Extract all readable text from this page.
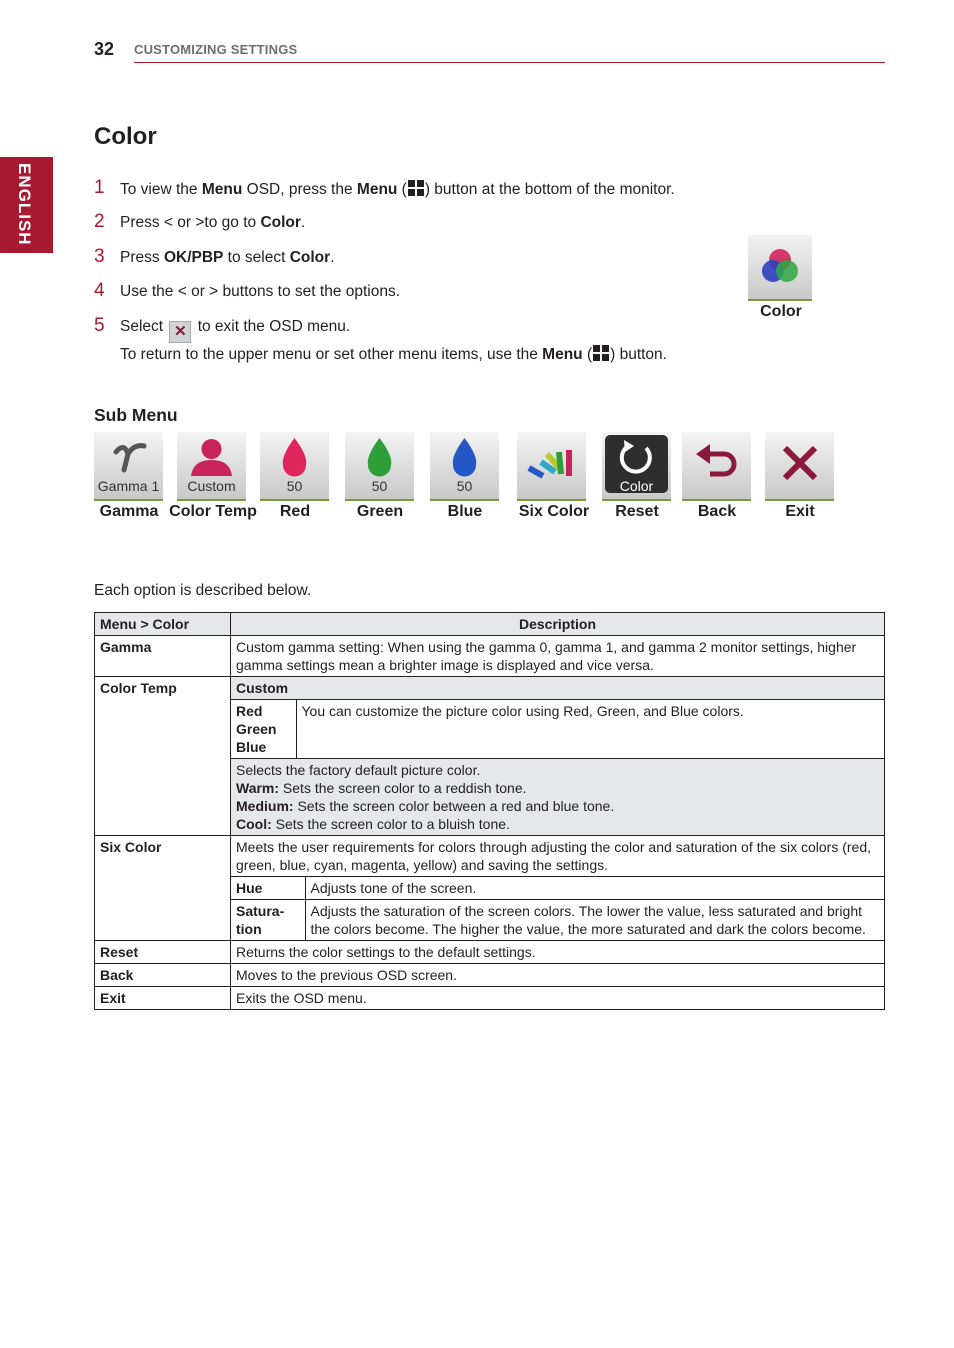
32 CUSTOMIZING SETTINGS
ENGLISH
Color
1 To view the Menu OSD, press the Menu ( ) button at the bottom of the monitor.
2 Press < or >to go to Color.
3 Press OK/PBP to select Color.
4 Use the < or > buttons to set the options.
5 Select ✕ to exit the OSD menu.
To return to the upper menu or set other menu items, use the Menu ( ) button.
Color
Sub Menu
Gamma 1	Custom	50	50	50	Color
Gamma Color Temp	Red	Green	Blue	Six Color	Reset	Back	Exit
Each option is described below.
Menu > Color	Description
Gamma	Custom gamma setting: When using the gamma 0, gamma 1, and gamma 2 monitor settings, higher gamma settings mean a brighter image is displayed and vice versa.
Color Temp		Custom
Red
Green
Blue	You can customize the picture color using Red, Green, and Blue colors.
Selects the factory default picture color.
Warm: Sets the screen color to a reddish tone.
Medium: Sets the screen color between a red and blue tone.
Cool: Sets the screen color to a bluish tone.

Six Color		Meets the user requirements for colors through adjusting the color and saturation of the six colors (red, green, blue, cyan, magenta, yellow) and saving the settings.
Hue	Adjusts tone of the screen.
Satura-
tion	Adjusts the saturation of the screen colors. The lower the value, less saturated and bright the colors become. The higher the value, the more saturated and dark the colors become.

Reset	Returns the color settings to the default settings.
Back	Moves to the previous OSD screen.
Exit	Exits the OSD menu.
